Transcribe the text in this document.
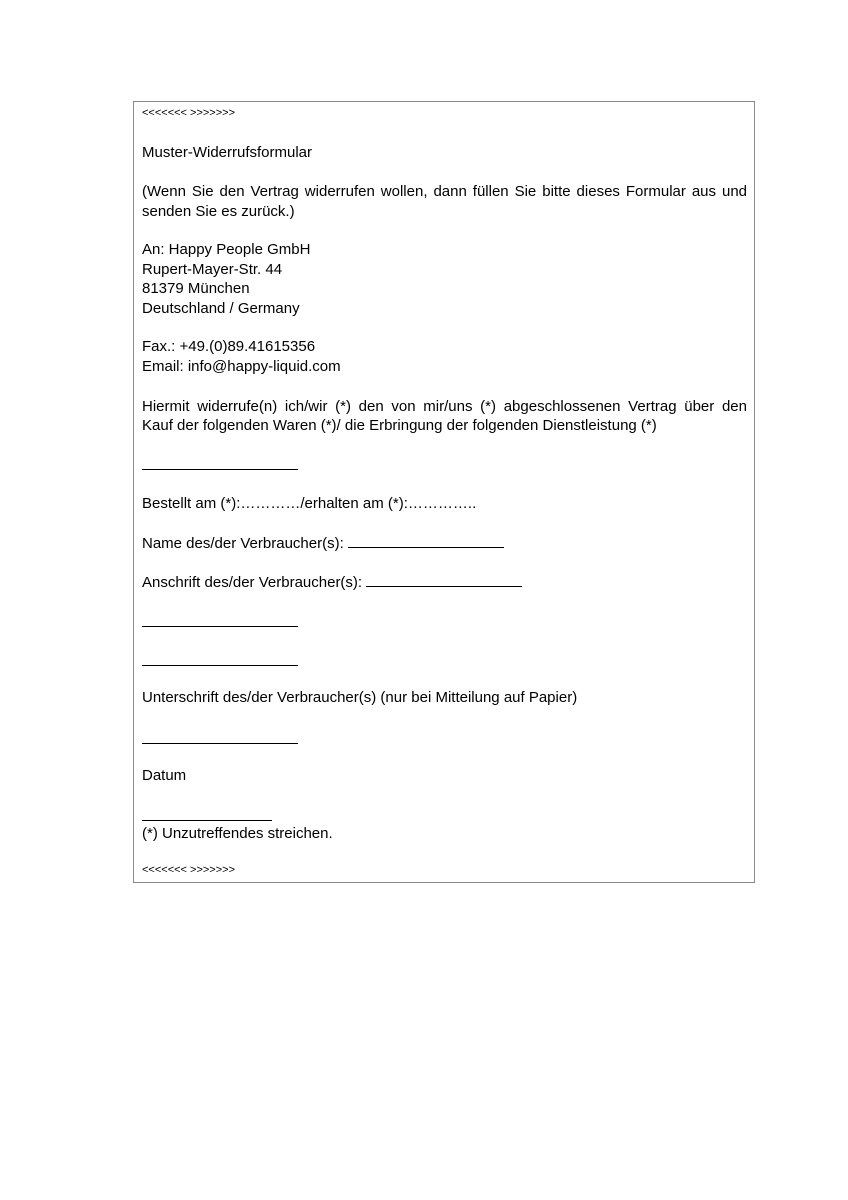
<<<<<<< >>>>>>>
Muster-Widerrufsformular
(Wenn Sie den Vertrag widerrufen wollen, dann füllen Sie bitte dieses Formular aus und
senden Sie es zurück.)
An: Happy People GmbH
Rupert-Mayer-Str. 44
81379 München
Deutschland / Germany
Fax.: +49.(0)89.41615356
Email: info@happy-liquid.com
Hiermit widerrufe(n) ich/wir (*) den von mir/uns (*) abgeschlossenen Vertrag über den
Kauf der folgenden Waren (*)/ die Erbringung der folgenden Dienstleistung (*)
Bestellt am (*):…………/erhalten am (*):…………..
Name des/der Verbraucher(s):
Anschrift des/der Verbraucher(s):
Unterschrift des/der Verbraucher(s) (nur bei Mitteilung auf Papier)
Datum
(*) Unzutreffendes streichen.
<<<<<<< >>>>>>>
